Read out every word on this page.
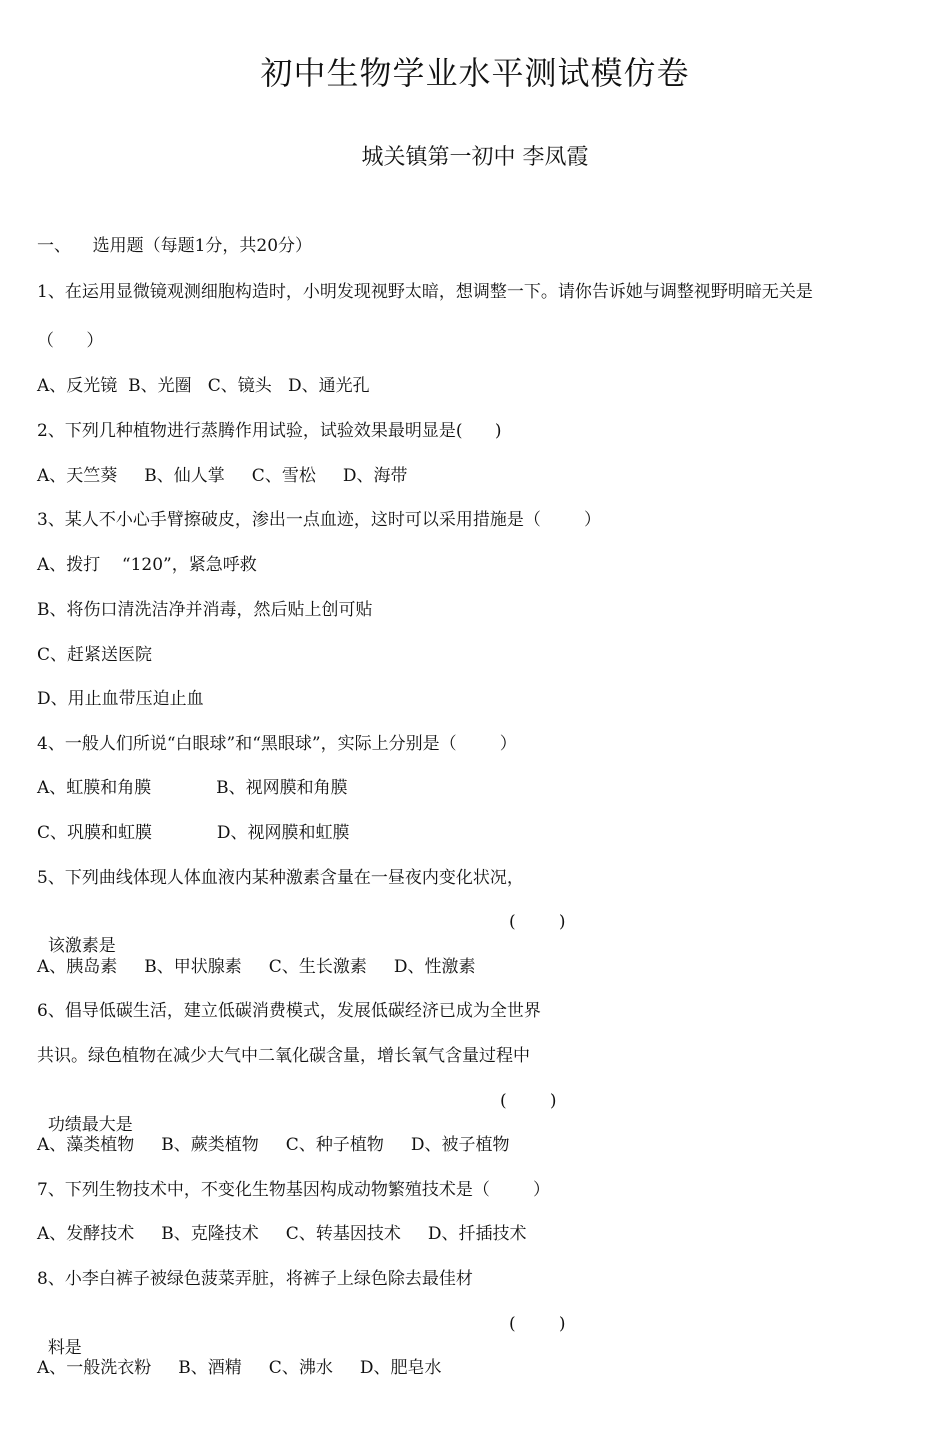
初中生物学业水平测试模仿卷
城关镇第一初中 李凤霞
一、    选用题（每题1分，共20分）
1、在运用显微镜观测细胞构造时，小明发现视野太暗，想调整一下。请你告诉她与调整视野明暗无关是
（      ）
A、反光镜  B、光圈   C、镜头   D、通光孔
2、下列几种植物进行蒸腾作用试验，试验效果最明显是(      )
A、天竺葵     B、仙人掌     C、雪松     D、海带
3、某人不小心手臂擦破皮，渗出一点血迹，这时可以采用措施是（        ）
A、拨打    “120”，紧急呼救
B、将伤口清洗洁净并消毒，然后贴上创可贴
C、赶紧送医院
D、用止血带压迫止血
4、一般人们所说“白眼球”和“黑眼球”，实际上分别是（        ）
A、虹膜和角膜            B、视网膜和角膜
C、巩膜和虹膜            D、视网膜和虹膜
5、下列曲线体现人体血液内某种激素含量在一昼夜内变化状况，

该激素是

(        )

A、胰岛素     B、甲状腺素     C、生长激素     D、性激素
6、倡导低碳生活，建立低碳消费模式，发展低碳经济已成为全世界
共识。绿色植物在减少大气中二氧化碳含量，增长氧气含量过程中

功绩最大是

(        )

A、藻类植物     B、蕨类植物     C、种子植物     D、被子植物
7、下列生物技术中，不变化生物基因构成动物繁殖技术是（        ）
A、发酵技术     B、克隆技术     C、转基因技术     D、扦插技术
8、小李白裤子被绿色菠菜弄脏，将裤子上绿色除去最佳材

料是

(        )

A、一般洗衣粉     B、酒精     C、沸水     D、肥皂水
